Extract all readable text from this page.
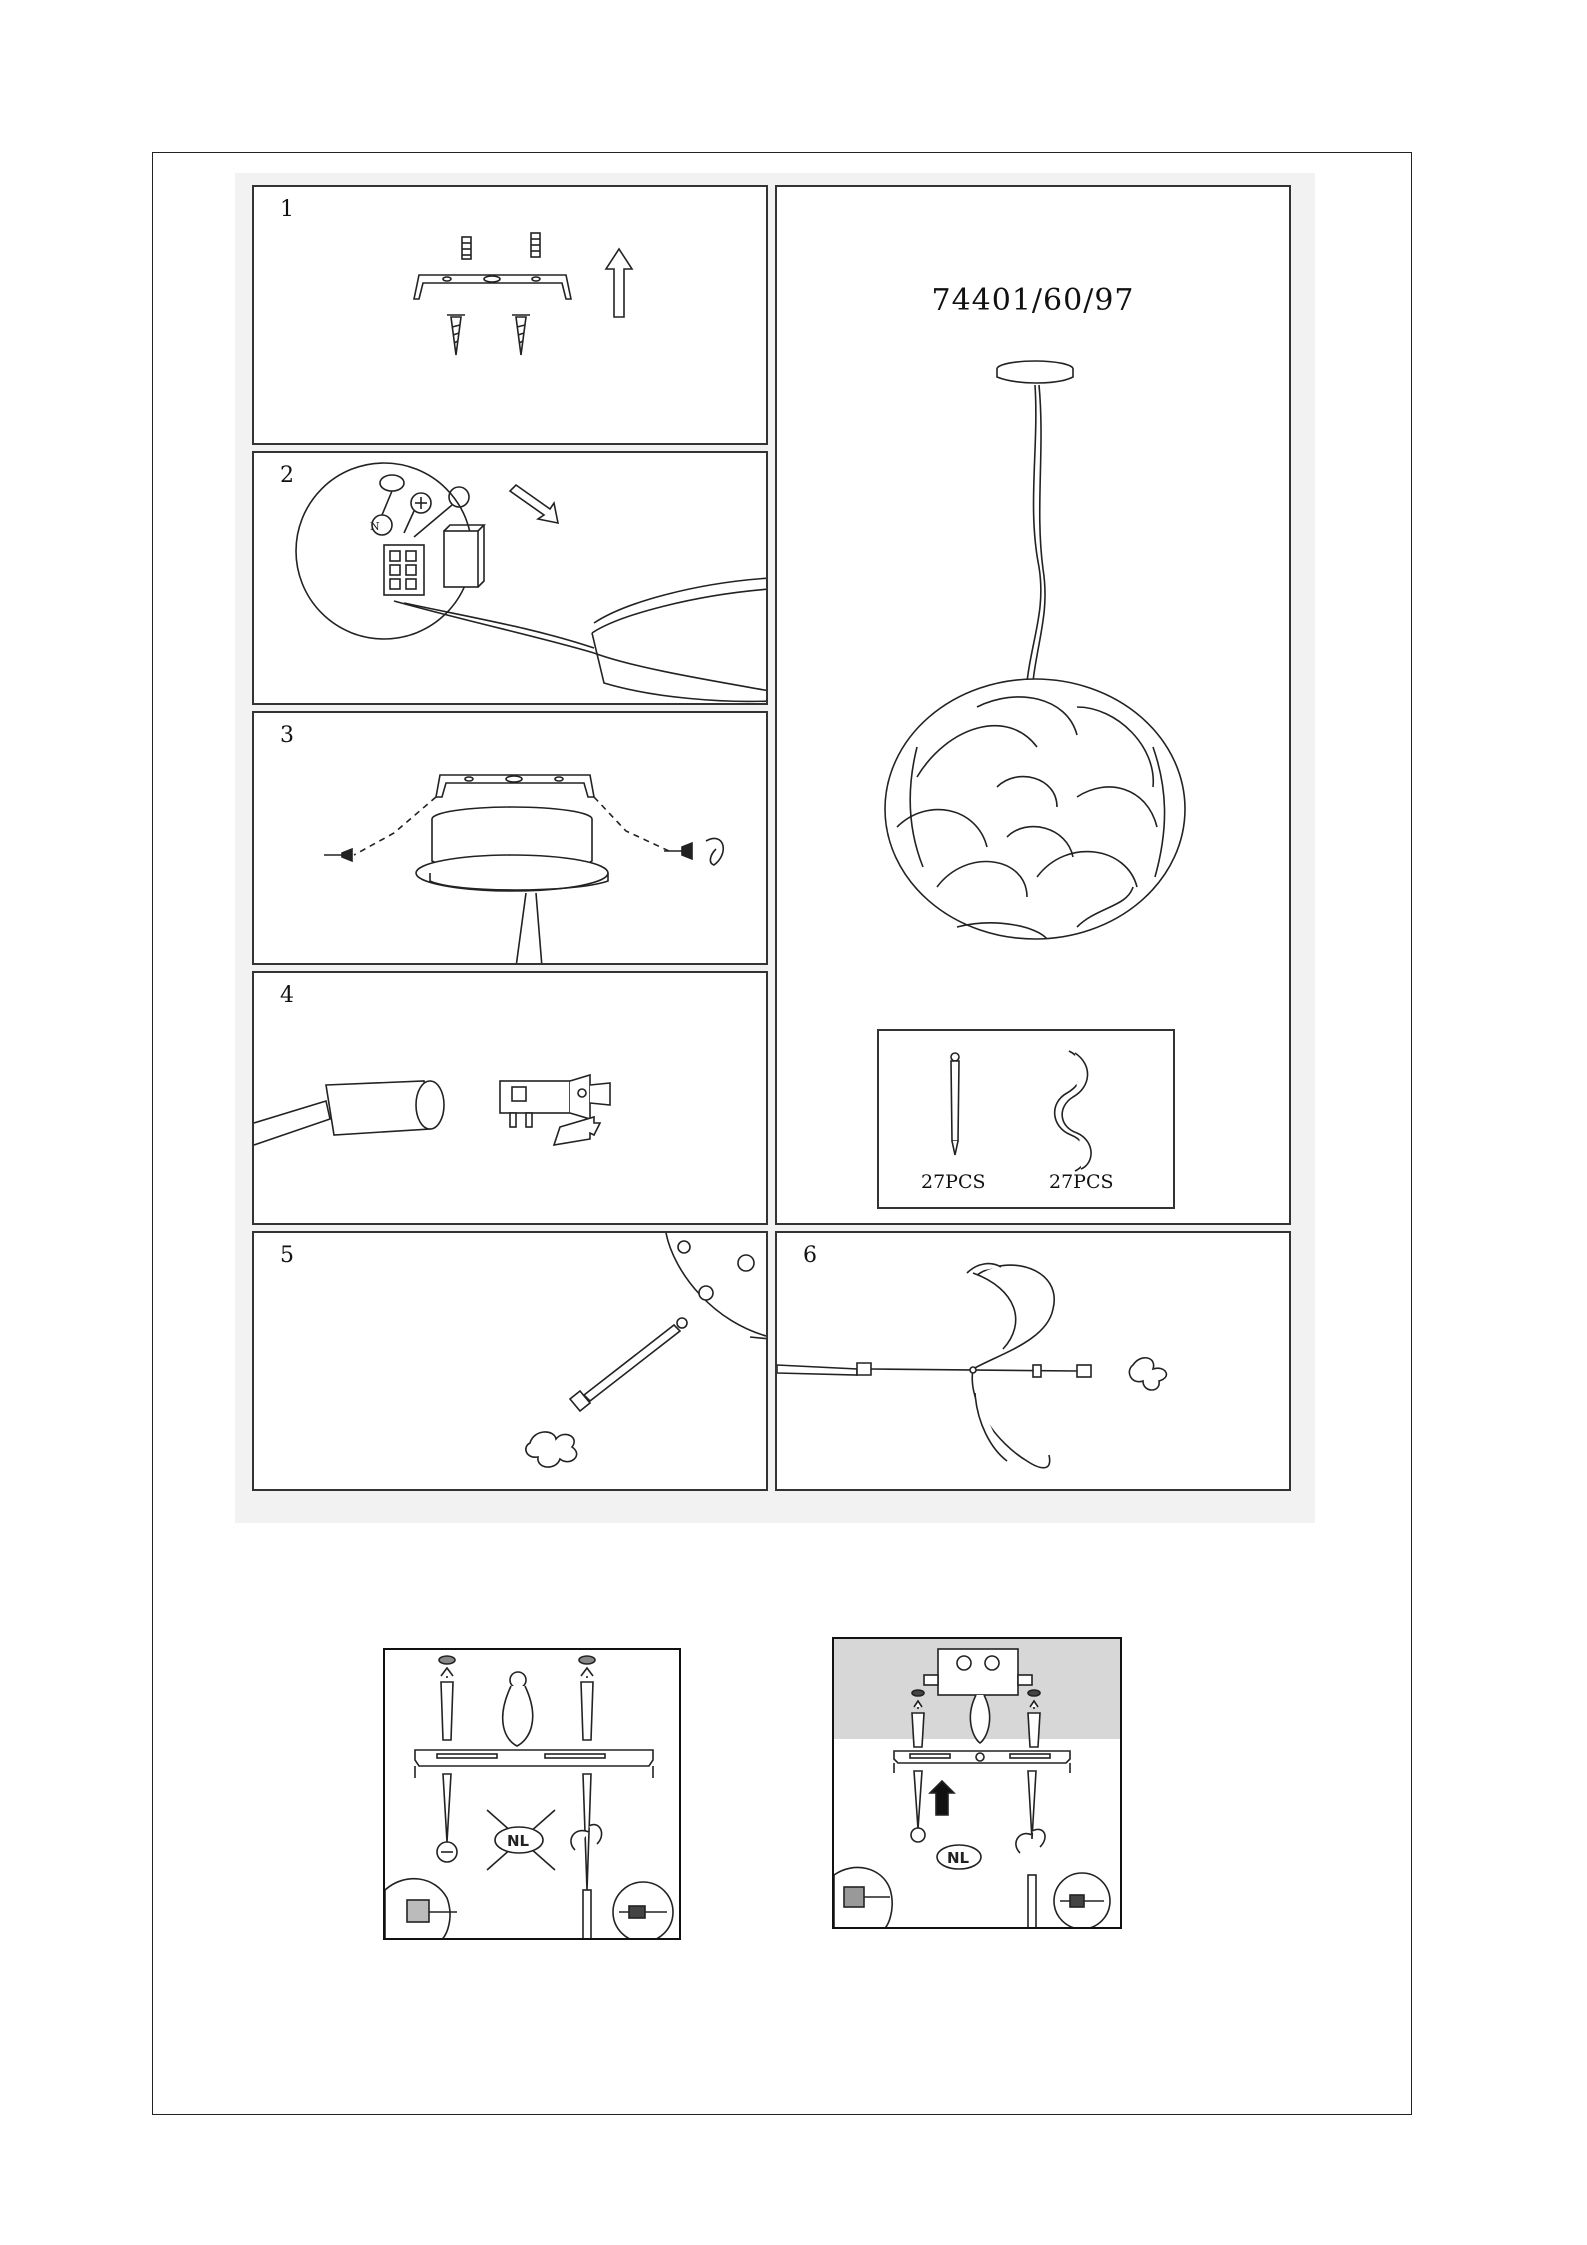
1
2
N
3
4
5	6
74401/60/97
27PCS	27PCS
NL
NL
